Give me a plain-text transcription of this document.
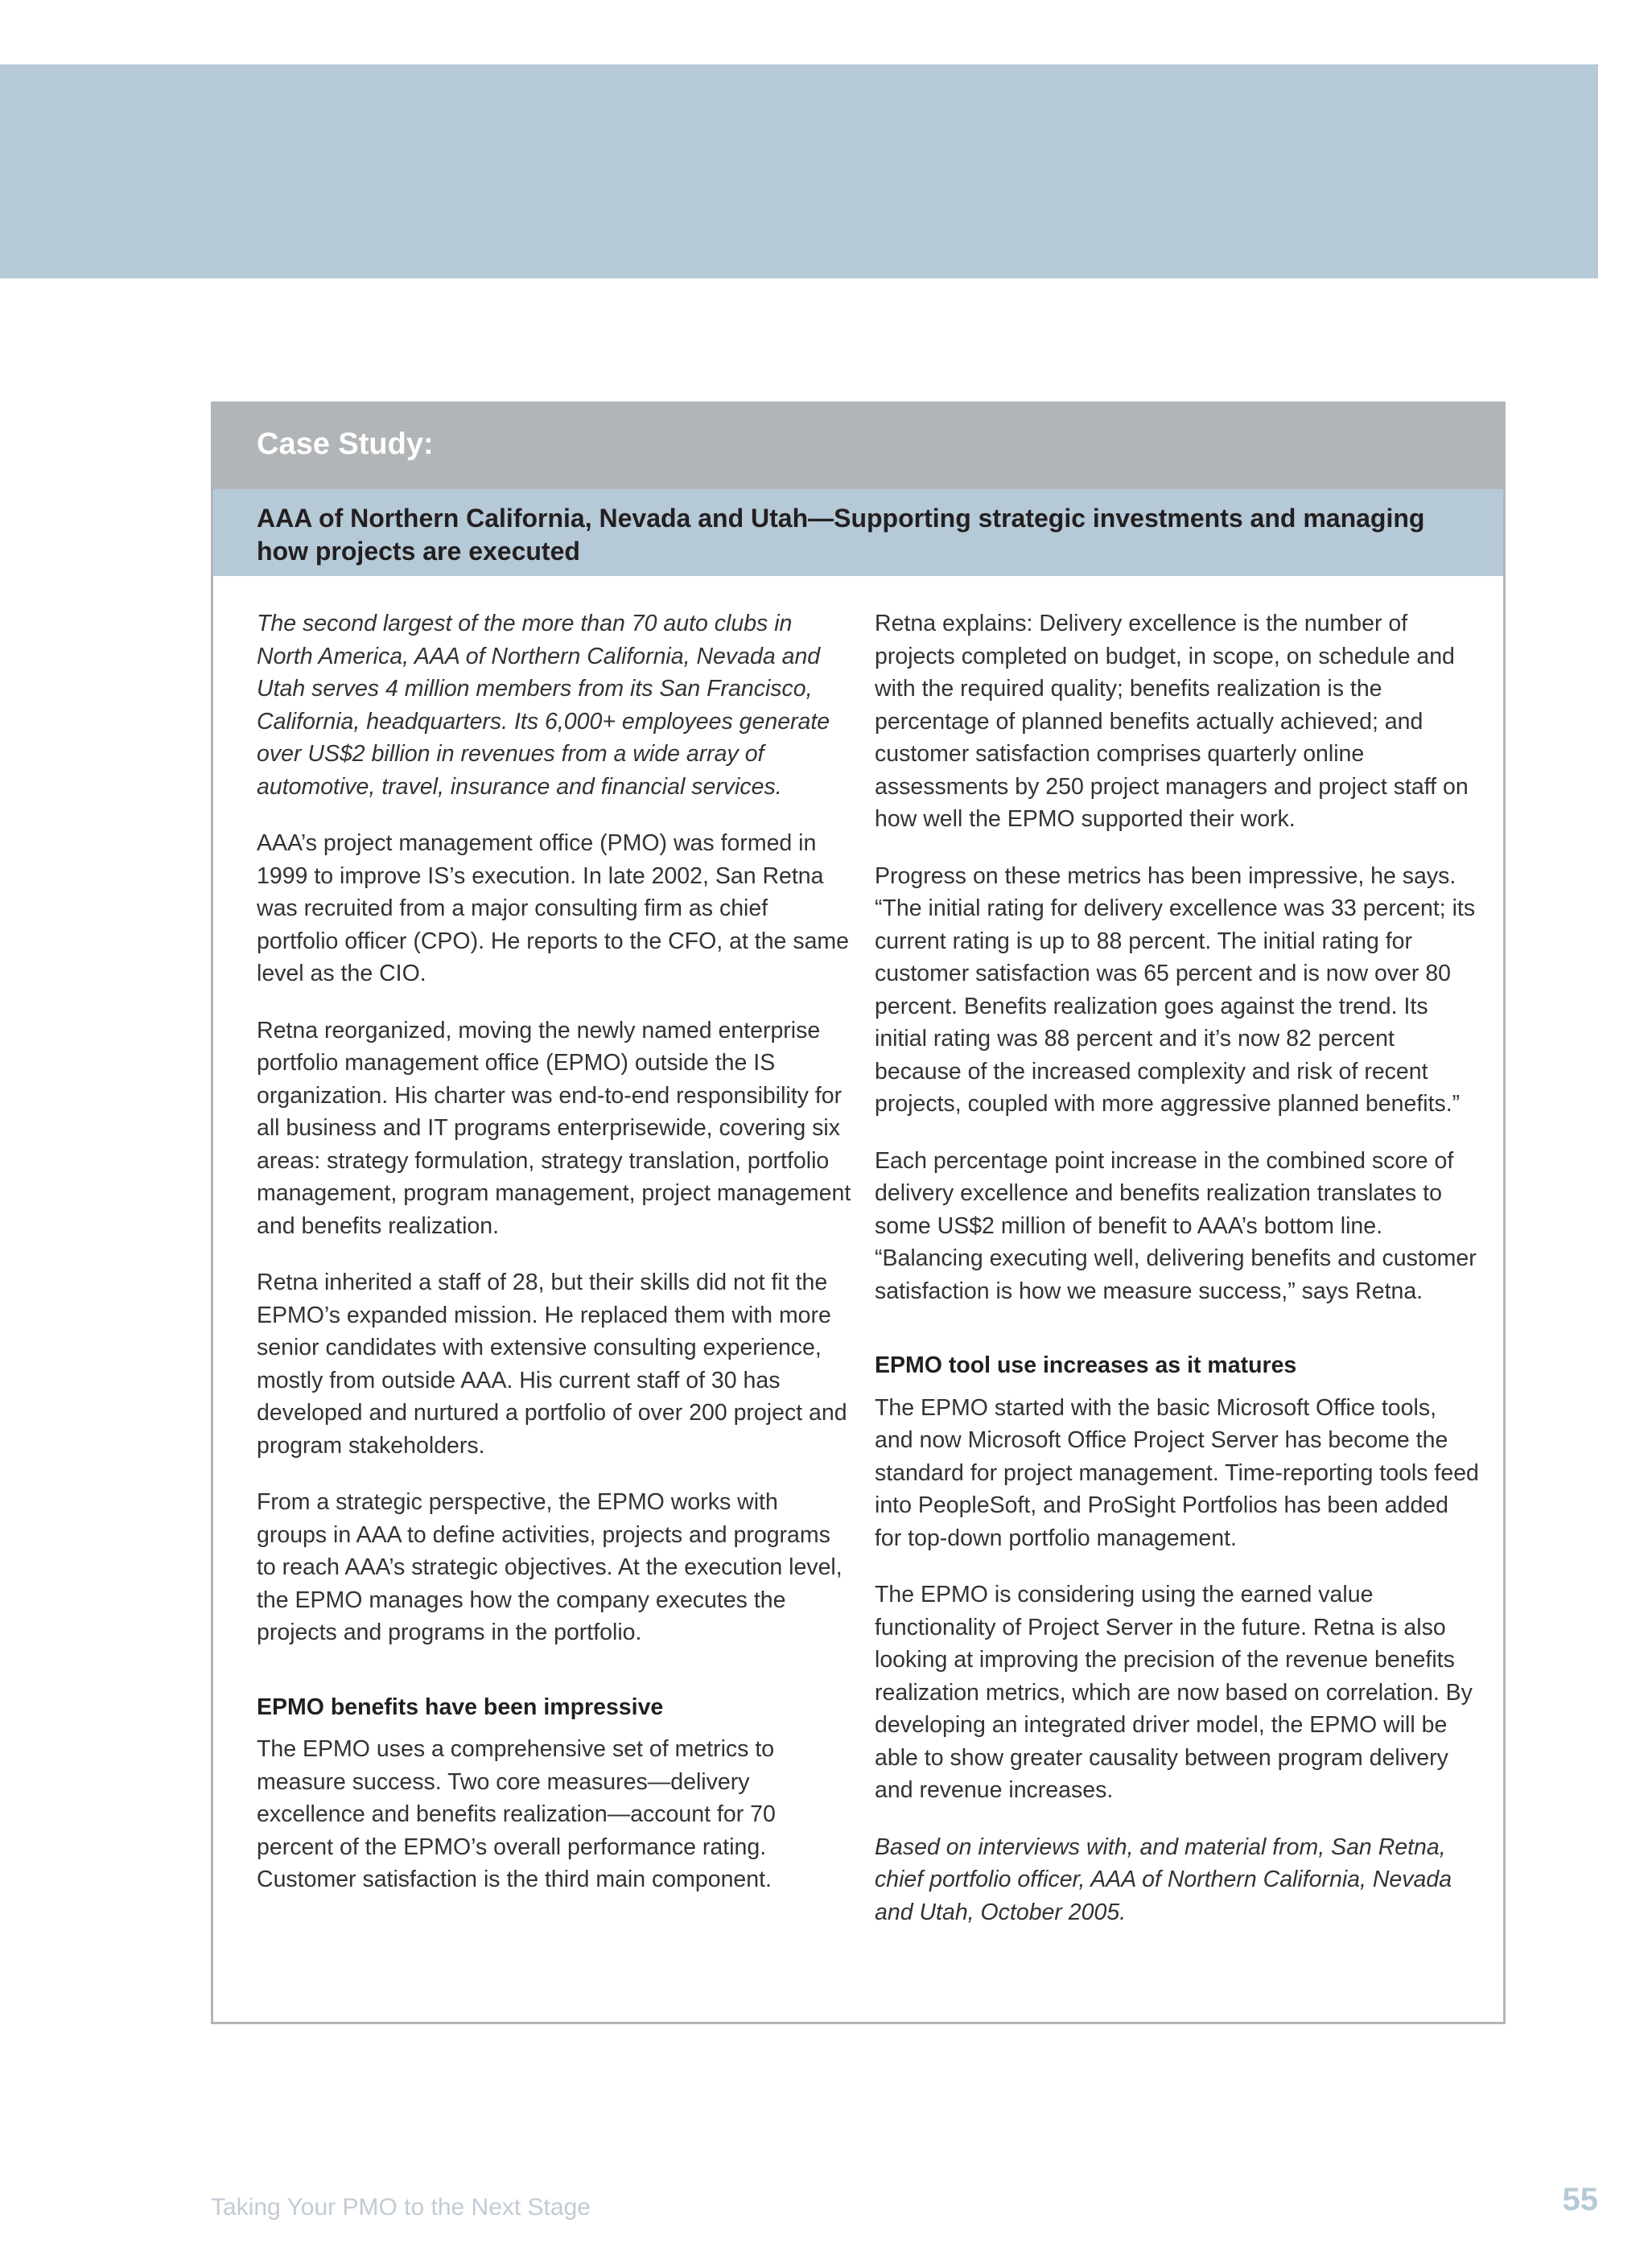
Case Study:
AAA of Northern California, Nevada and Utah—Supporting strategic investments and managing how projects are executed

The second largest of the more than 70 auto clubs in North America, AAA of Northern California, Nevada and Utah serves 4 million members from its San Francisco, California, headquarters. Its 6,000+ employees generate over US$2 billion in revenues from a wide array of automotive, travel, insurance and financial services.

AAA’s project management office (PMO) was formed in 1999 to improve IS’s execution. In late 2002, San Retna was recruited from a major consulting firm as chief portfolio officer (CPO). He reports to the CFO, at the same level as the CIO.

Retna reorganized, moving the newly named enterprise portfolio management office (EPMO) outside the IS organization. His charter was end-to-end responsibility for all business and IT programs enterprisewide, covering six areas: strategy formulation, strategy translation, portfolio management, program management, project management and benefits realization.

Retna inherited a staff of 28, but their skills did not fit the EPMO’s expanded mission. He replaced them with more senior candidates with extensive consulting experience, mostly from outside AAA. His current staff of 30 has developed and nurtured a portfolio of over 200 project and program stakeholders.

From a strategic perspective, the EPMO works with groups in AAA to define activities, projects and programs to reach AAA’s strategic objectives. At the execution level, the EPMO manages how the company executes the projects and programs in the portfolio.

EPMO benefits have been impressive

The EPMO uses a comprehensive set of metrics to measure success. Two core measures—delivery excellence and benefits realization—account for 70 percent of the EPMO’s overall performance rating. Customer satisfaction is the third main component.

Retna explains: Delivery excellence is the number of projects completed on budget, in scope, on schedule and with the required quality; benefits realization is the percentage of planned benefits actually achieved; and customer satisfaction comprises quarterly online assessments by 250 project managers and project staff on how well the EPMO supported their work.

Progress on these metrics has been impressive, he says. “The initial rating for delivery excellence was 33 percent; its current rating is up to 88 percent. The initial rating for customer satisfaction was 65 percent and is now over 80 percent. Benefits realization goes against the trend. Its initial rating was 88 percent and it’s now 82 percent because of the increased complexity and risk of recent projects, coupled with more aggressive planned benefits.”

Each percentage point increase in the combined score of delivery excellence and benefits realization translates to some US$2 million of benefit to AAA’s bottom line. “Balancing executing well, delivering benefits and customer satisfaction is how we measure success,” says Retna.

EPMO tool use increases as it matures

The EPMO started with the basic Microsoft Office tools, and now Microsoft Office Project Server has become the standard for project management. Time-reporting tools feed into PeopleSoft, and ProSight Portfolios has been added for top-down portfolio management.

The EPMO is considering using the earned value functionality of Project Server in the future. Retna is also looking at improving the precision of the revenue benefits realization metrics, which are now based on correlation. By developing an integrated driver model, the EPMO will be able to show greater causality between program delivery and revenue increases.

Based on interviews with, and material from, San Retna, chief portfolio officer, AAA of Northern California, Nevada and Utah, October 2005.

Taking Your PMO to the Next Stage	55
